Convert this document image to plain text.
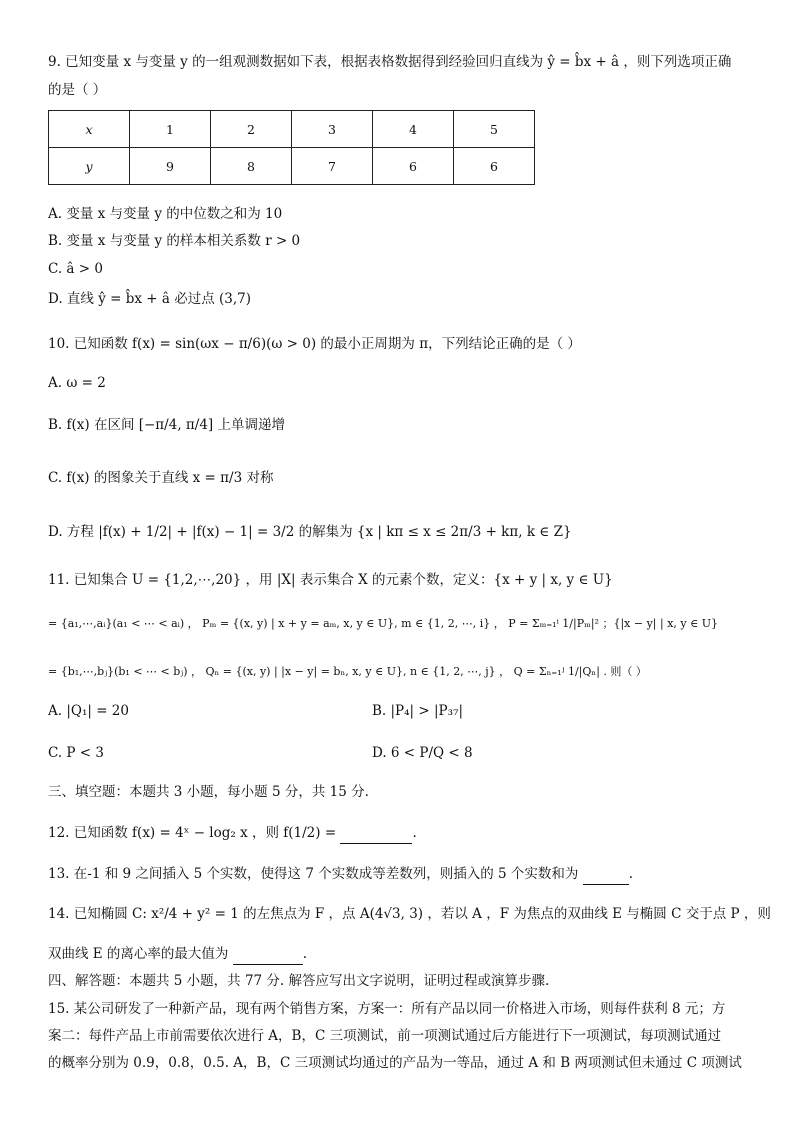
9. 已知变量 x 与变量 y 的一组观测数据如下表，根据表格数据得到经验回归直线为 ŷ = b̂x + â ，则下列选项正确
的是（ ）
x	1	2	3	4	5
y	9	8	7	6	6
A. 变量 x 与变量 y 的中位数之和为 10
B. 变量 x 与变量 y 的样本相关系数 r > 0
C. â > 0
D. 直线 ŷ = b̂x + â 必过点 (3,7)
10. 已知函数 f(x) = sin(ωx − π/6)(ω > 0) 的最小正周期为 π，下列结论正确的是（ ）
A. ω = 2
B. f(x) 在区间 [−π/4, π/4] 上单调递增
C. f(x) 的图象关于直线 x = π/3 对称
D. 方程 |f(x) + 1/2| + |f(x) − 1| = 3/2 的解集为 {x | kπ ≤ x ≤ 2π/3 + kπ, k ∈ Z}
11. 已知集合 U = {1,2,⋯,20} ，用 |X| 表示集合 X 的元素个数，定义：{x + y | x, y ∈ U}
= {a₁,⋯,aᵢ}(a₁ < ⋯ < aᵢ) ， Pₘ = {(x, y) | x + y = aₘ, x, y ∈ U}, m ∈ {1, 2, ⋯, i} ， P = Σₘ₌₁ⁱ 1/|Pₘ|² ；{|x − y| | x, y ∈ U}
= {b₁,⋯,bⱼ}(b₁ < ⋯ < bⱼ) ， Qₙ = {(x, y) | |x − y| = bₙ, x, y ∈ U}, n ∈ {1, 2, ⋯, j} ， Q = Σₙ₌₁ʲ 1/|Qₙ| . 则（ ）
A. |Q₁| = 20	B. |P₄| > |P₃₇|
C. P < 3	D. 6 < P/Q < 8
三、填空题：本题共 3 小题，每小题 5 分，共 15 分.
12. 已知函数 f(x) = 4ˣ − log₂ x ，则 f(1/2) =	.
13. 在-1 和 9 之间插入 5 个实数，使得这 7 个实数成等差数列，则插入的 5 个实数和为	.
14. 已知椭圆 C: x²/4 + y² = 1 的左焦点为 F ，点 A(4√3, 3) ，若以 A ，F 为焦点的双曲线 E 与椭圆 C 交于点 P ，则
双曲线 E 的离心率的最大值为	.
四、解答题：本题共 5 小题，共 77 分. 解答应写出文字说明，证明过程或演算步骤.
15. 某公司研发了一种新产品，现有两个销售方案，方案一：所有产品以同一价格进入市场，则每件获利 8 元；方
案二：每件产品上市前需要依次进行 A，B，C 三项测试，前一项测试通过后方能进行下一项测试，每项测试通过
的概率分别为 0.9，0.8，0.5. A，B，C 三项测试均通过的产品为一等品，通过 A 和 B 两项测试但未通过 C 项测试
